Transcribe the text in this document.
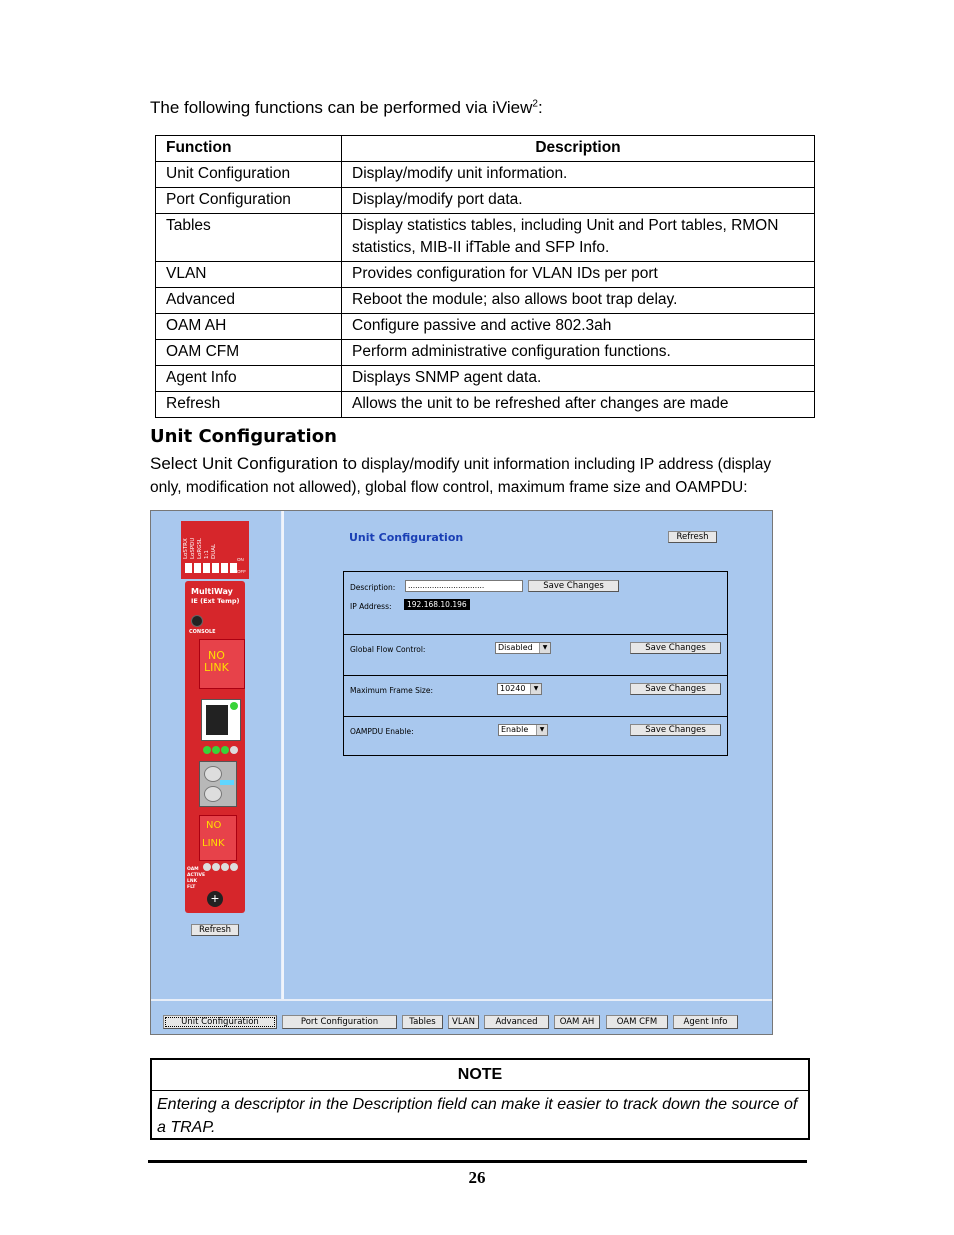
The following functions can be performed via iView$^2$:
Function	Description
Unit Configuration	Display/modify unit information.
Port Configuration	Display/modify port data.
Tables	Display statistics tables, including Unit and Port tables, RMON statistics, MIB-II ifTable and SFP Info.
VLAN	Provides configuration for VLAN IDs per port
Advanced	Reboot the module; also allows boot trap delay.
OAM AH	Configure passive and active 802.3ah
OAM CFM	Perform administrative configuration functions.
Agent Info	Displays SNMP agent data.
Refresh	Allows the unit to be refreshed after changes are made
Unit Configuration
Select Unit Configuration to display/modify unit information including IP address (display only, modification not allowed), global flow control, maximum frame size and OAMPDU:
LoSTRX
LoSPDU
LoRGSL
1:1
DUAL
ON
OFF
MultiWay
IE (Ext Temp)
CONSOLE
NO
LINK
NO
LINK
OAM
ACTIVE
LNK
FLT
+
Refresh
Unit Configuration	Refresh
Description:	................................	Save Changes
IP Address:	192.168.10.196
Global Flow Control:	Disabled	▼	Save Changes
Maximum Frame Size:	10240	▼	Save Changes
OAMPDU Enable:	Enable	▼	Save Changes
Unit Configuration	Port Configuration	Tables	VLAN	Advanced	OAM AH	OAM CFM	Agent Info
NOTE
Entering a descriptor in the Description field can make it easier to track down the source of a TRAP.
26
